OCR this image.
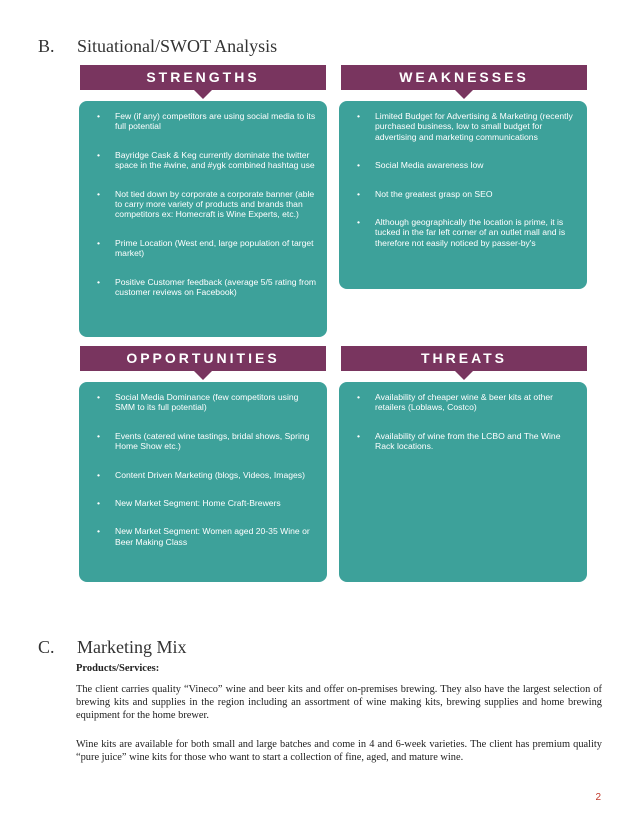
B. Situational/SWOT Analysis
STRENGTHS
• Few (if any) competitors are using social media to its full potential
• Bayridge Cask & Keg currently dominate the twitter space in the #wine, and #ygk combined hashtag use
• Not tied down by corporate a corporate banner (able to carry more variety of products and brands than competitors ex: Homecraft is Wine Experts, etc.)
• Prime Location (West end, large population of target market)
• Positive Customer feedback (average 5/5 rating from customer reviews on Facebook)
WEAKNESSES
• Limited Budget for Advertising & Marketing (recently purchased business, low to small budget for advertising and marketing communications
• Social Media awareness low
• Not the greatest grasp on SEO
• Although geographically the location is prime, it is tucked in the far left corner of an outlet mall and is therefore not easily noticed by passer-by's
OPPORTUNITIES
• Social Media Dominance (few competitors using SMM to its full potential)
• Events (catered wine tastings, bridal shows, Spring Home Show etc.)
• Content Driven Marketing (blogs, Videos, Images)
• New Market Segment: Home Craft-Brewers
• New Market Segment: Women aged 20-35 Wine or Beer Making Class
THREATS
• Availability of cheaper wine & beer kits at other retailers (Loblaws, Costco)
• Availability of wine from the LCBO and The Wine Rack locations.
C. Marketing Mix
Products/Services:

The client carries quality “Vineco” wine and beer kits and offer on-premises brewing. They also have the largest selection of brewing kits and supplies in the region including an assortment of wine making kits, brewing supplies and home brewing equipment for the home brewer.

Wine kits are available for both small and large batches and come in 4 and 6-week varieties. The client has premium quality “pure juice” wine kits for those who want to start a collection of fine, aged, and mature wine.

2
